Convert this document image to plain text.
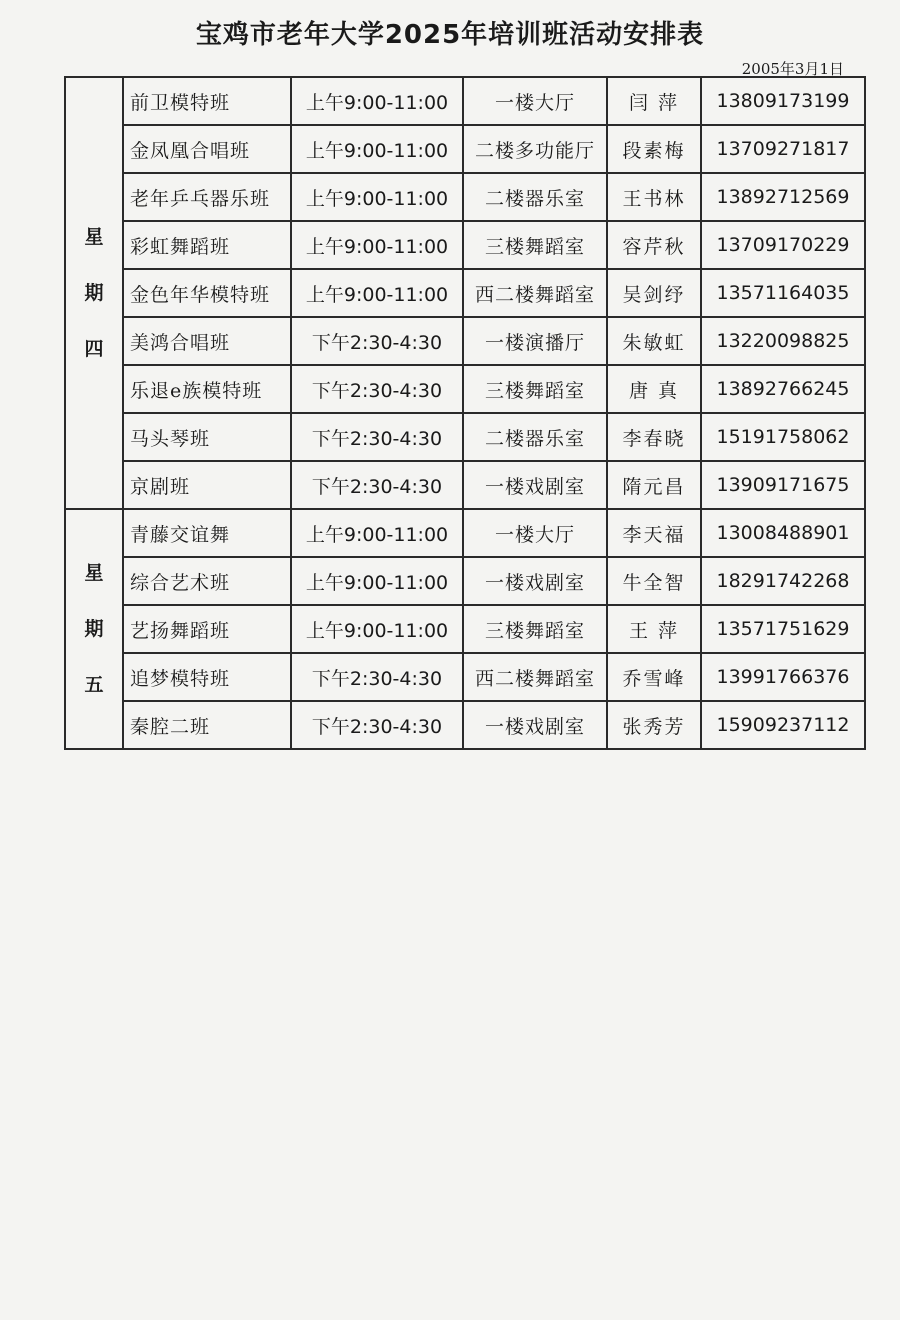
宝鸡市老年大学2025年培训班活动安排表
2005年3月1日
星
期
四	前卫模特班	上午9:00-11:00	一楼大厅	闫 萍	13809173199
	金凤凰合唱班	上午9:00-11:00	二楼多功能厅	段素梅	13709271817
	老年乒乓器乐班	上午9:00-11:00	二楼器乐室	王书林	13892712569
	彩虹舞蹈班	上午9:00-11:00	三楼舞蹈室	容芹秋	13709170229
	金色年华模特班	上午9:00-11:00	西二楼舞蹈室	吴剑纾	13571164035
	美鸿合唱班	下午2:30-4:30	一楼演播厅	朱敏虹	13220098825
	乐退e族模特班	下午2:30-4:30	三楼舞蹈室	唐 真	13892766245
	马头琴班	下午2:30-4:30	二楼器乐室	李春晓	15191758062
	京剧班	下午2:30-4:30	一楼戏剧室	隋元昌	13909171675

星
期
五	青藤交谊舞	上午9:00-11:00	一楼大厅	李天福	13008488901
	综合艺术班	上午9:00-11:00	一楼戏剧室	牛全智	18291742268
	艺扬舞蹈班	上午9:00-11:00	三楼舞蹈室	王 萍	13571751629
	追梦模特班	下午2:30-4:30	西二楼舞蹈室	乔雪峰	13991766376
	秦腔二班	下午2:30-4:30	一楼戏剧室	张秀芳	15909237112
